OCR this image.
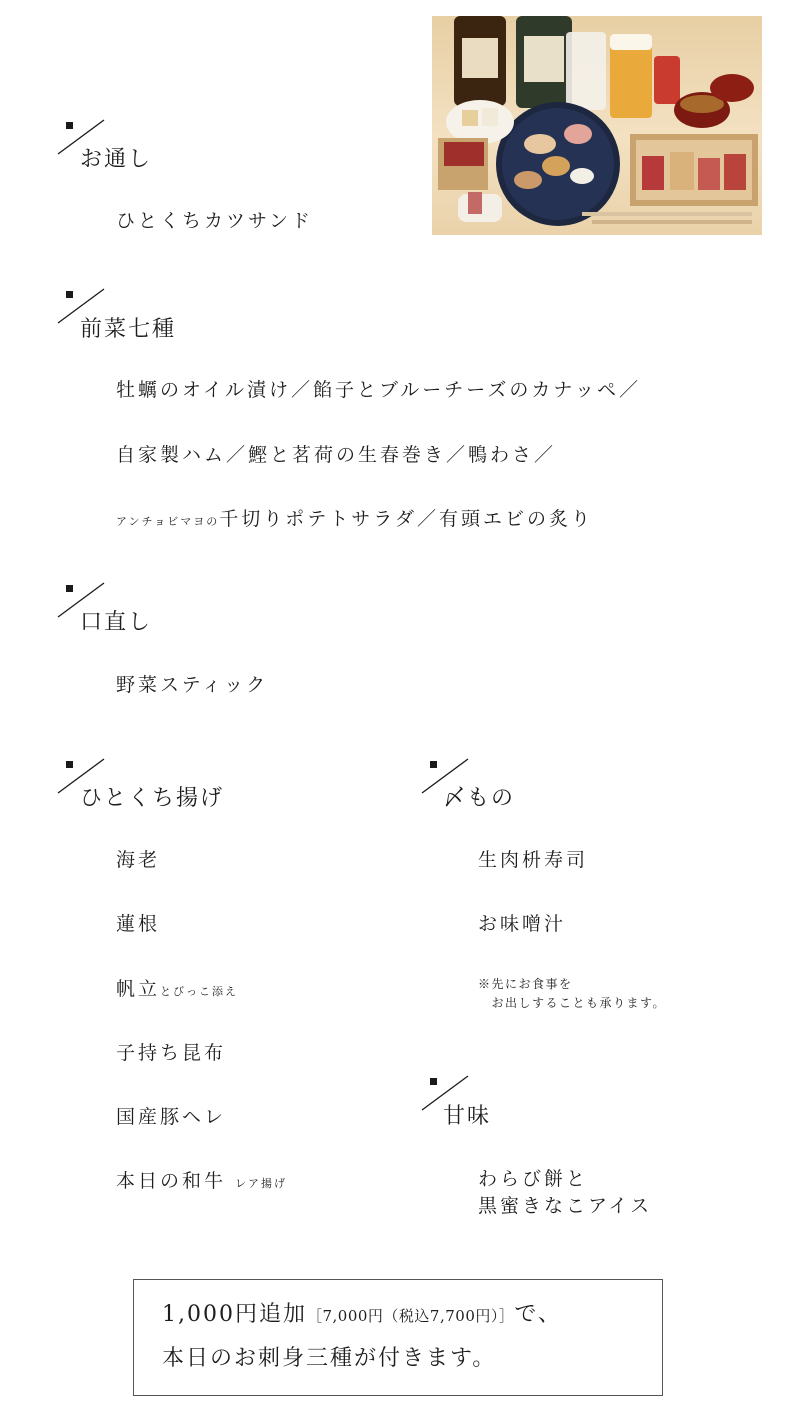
お通し
ひとくちカツサンド
前菜七種
牡蠣のオイル漬け／餡子とブルーチーズのカナッペ／
自家製ハム／鰹と茗荷の生春巻き／鴨わさ／
アンチョビマヨの千切りポテトサラダ／有頭エビの炙り
口直し
野菜スティック
ひとくち揚げ
海老
蓮根
帆立とびっこ添え
子持ち昆布
国産豚ヘレ
本日の和牛 レア揚げ
〆もの
生肉枡寿司
お味噌汁
※先にお食事を
　お出しすることも承ります。
甘味
わらび餅と
黒蜜きなこアイス
1,000円追加［7,000円（税込7,700円）］で、
本日のお刺身三種が付きます。
